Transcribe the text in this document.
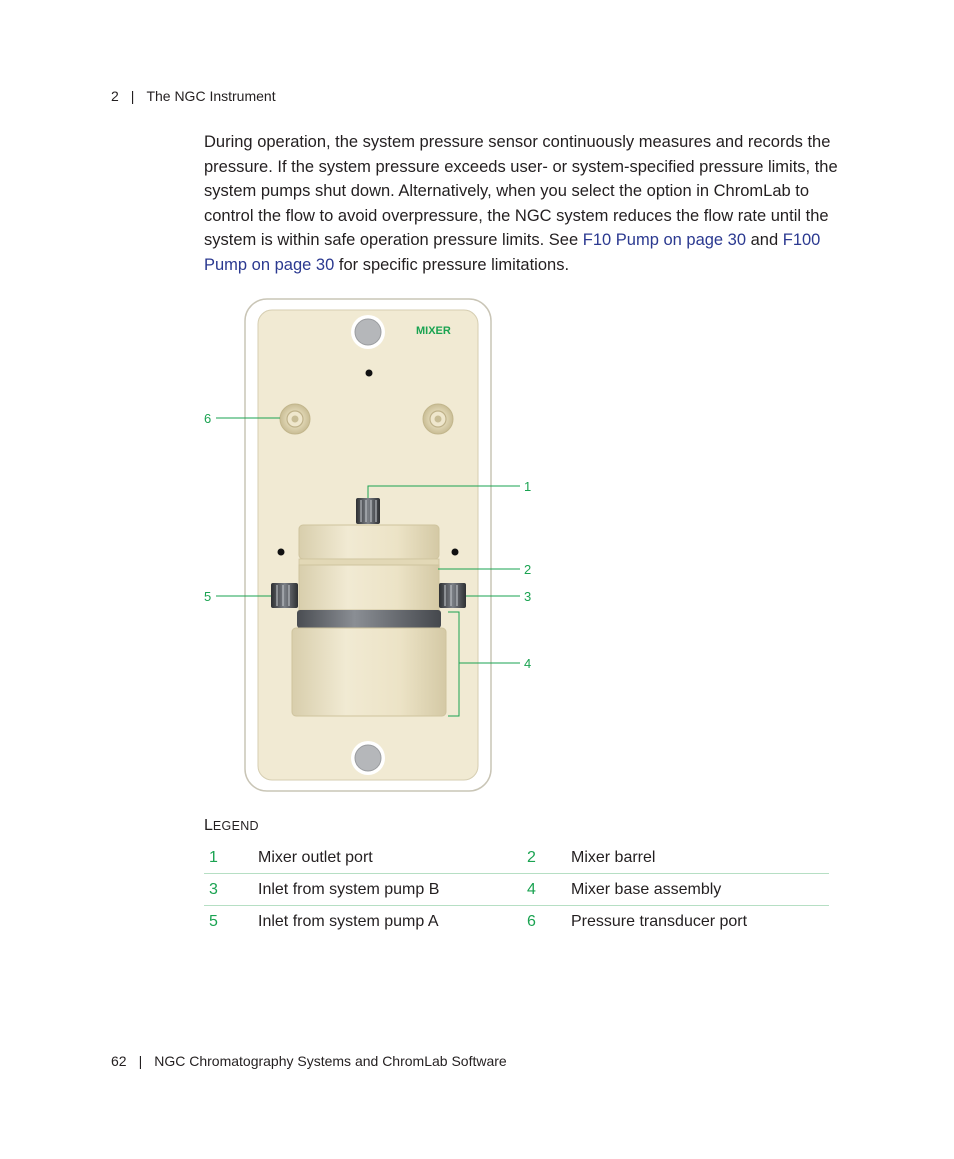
2 | The NGC Instrument

During operation, the system pressure sensor continuously measures and records the pressure. If the system pressure exceeds user- or system-specified pressure limits, the system pumps shut down. Alternatively, when you select the option in ChromLab to control the flow to avoid overpressure, the NGC system reduces the flow rate until the system is within safe operation pressure limits. See F10 Pump on page 30 and F100 Pump on page 30 for specific pressure limitations.

MIXER
1
2
3
4
5
6
LEGEND
1	Mixer outlet port	2	Mixer barrel
3	Inlet from system pump B	4	Mixer base assembly
5	Inlet from system pump A	6	Pressure transducer port
62 | NGC Chromatography Systems and ChromLab Software
